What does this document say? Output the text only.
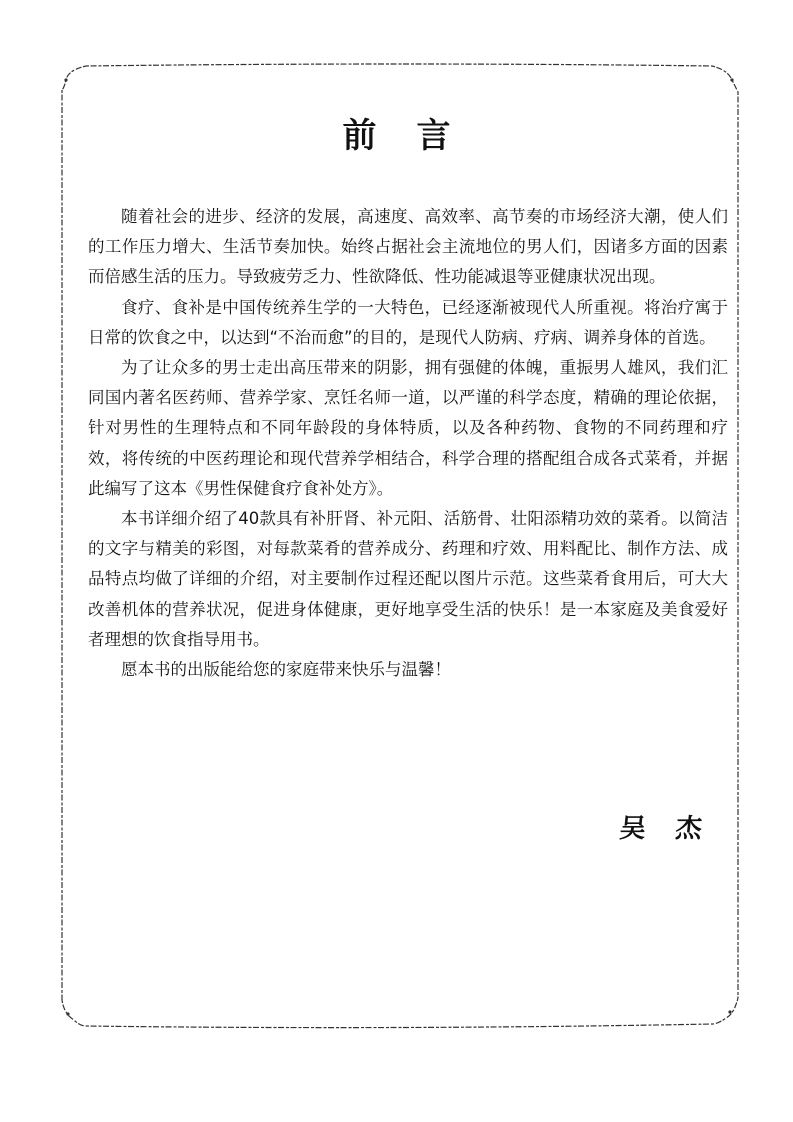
前言

随着社会的进步、经济的发展，高速度、高效率、高节奏的市场经济大潮，使人们的工作压力增大、生活节奏加快。始终占据社会主流地位的男人们，因诸多方面的因素而倍感生活的压力。导致疲劳乏力、性欲降低、性功能减退等亚健康状况出现。

食疗、食补是中国传统养生学的一大特色，已经逐渐被现代人所重视。将治疗寓于日常的饮食之中，以达到“不治而愈”的目的，是现代人防病、疗病、调养身体的首选。

为了让众多的男士走出高压带来的阴影，拥有强健的体魄，重振男人雄风，我们汇同国内著名医药师、营养学家、烹饪名师一道，以严谨的科学态度，精确的理论依据，针对男性的生理特点和不同年龄段的身体特质，以及各种药物、食物的不同药理和疗效，将传统的中医药理论和现代营养学相结合，科学合理的搭配组合成各式菜肴，并据此编写了这本《男性保健食疗食补处方》。

本书详细介绍了40款具有补肝肾、补元阳、活筋骨、壮阳添精功效的菜肴。以简洁的文字与精美的彩图，对每款菜肴的营养成分、药理和疗效、用料配比、制作方法、成品特点均做了详细的介绍，对主要制作过程还配以图片示范。这些菜肴食用后，可大大改善机体的营养状况，促进身体健康，更好地享受生活的快乐！是一本家庭及美食爱好者理想的饮食指导用书。

愿本书的出版能给您的家庭带来快乐与温馨！

吴杰
